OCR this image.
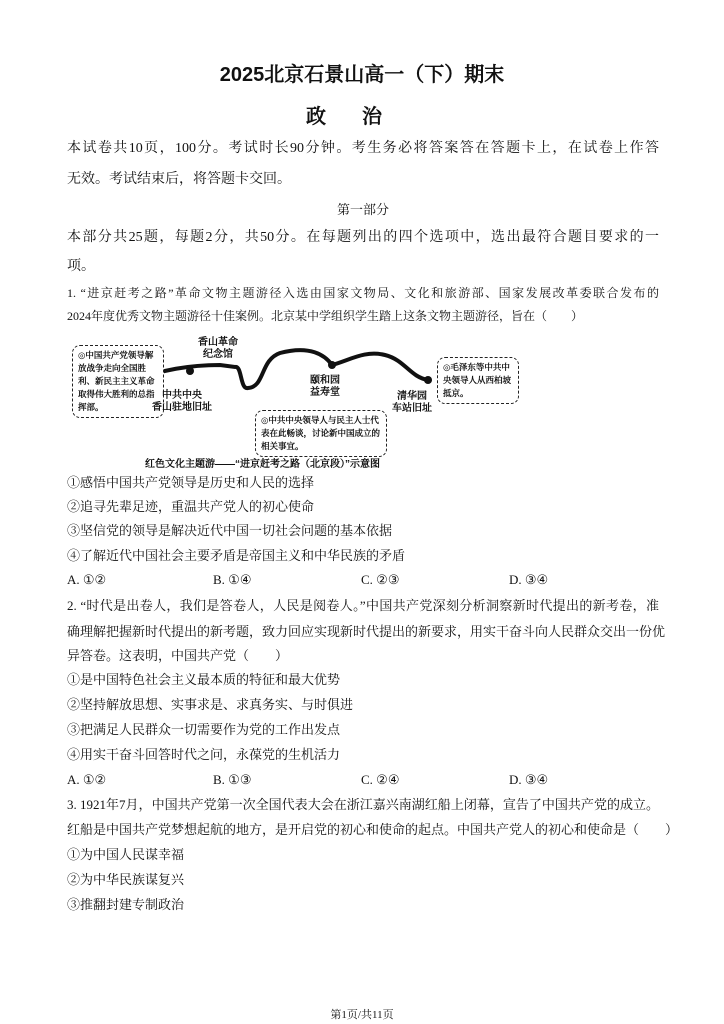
2025北京石景山高一（下）期末
政治
本试卷共10页，100分。考试时长90分钟。考生务必将答案答在答题卡上，在试卷上作答
无效。考试结束后，将答题卡交回。
第一部分
本部分共25题，每题2分，共50分。在每题列出的四个选项中，选出最符合题目要求的一
项。
1. “进京赶考之路”革命文物主题游径入选由国家文物局、文化和旅游部、国家发展改革委联合发布的
2024年度优秀文物主题游径十佳案例。北京某中学组织学生踏上这条文物主题游径，旨在（　　）
◎中国共产党领导解放战争走向全国胜利、新民主主义革命取得伟大胜利的总指挥部。
◎中共中央领导人与民主人士代表在此畅谈，讨论新中国成立的相关事宜。
◎毛泽东等中共中央领导人从西柏坡抵京。
中共中央
香山驻地旧址
香山革命
纪念馆
颐和园
益寿堂	清华园
车站旧址
红色文化主题游——“进京赶考之路（北京段）”示意图
①感悟中国共产党领导是历史和人民的选择
②追寻先辈足迹，重温共产党人的初心使命
③坚信党的领导是解决近代中国一切社会问题的基本依据
④了解近代中国社会主要矛盾是帝国主义和中华民族的矛盾
A. ①②	B. ①④	C. ②③	D. ③④
2. “时代是出卷人，我们是答卷人，人民是阅卷人。”中国共产党深刻分析洞察新时代提出的新考卷，准
确理解把握新时代提出的新考题，致力回应实现新时代提出的新要求，用实干奋斗向人民群众交出一份优
异答卷。这表明，中国共产党（　　）
①是中国特色社会主义最本质的特征和最大优势
②坚持解放思想、实事求是、求真务实、与时俱进
③把满足人民群众一切需要作为党的工作出发点
④用实干奋斗回答时代之问，永葆党的生机活力
A. ①②	B. ①③	C. ②④	D. ③④
3. 1921年7月，中国共产党第一次全国代表大会在浙江嘉兴南湖红船上闭幕，宣告了中国共产党的成立。
红船是中国共产党梦想起航的地方，是开启党的初心和使命的起点。中国共产党人的初心和使命是（　　）
①为中国人民谋幸福
②为中华民族谋复兴
③推翻封建专制政治
第1页/共11页
